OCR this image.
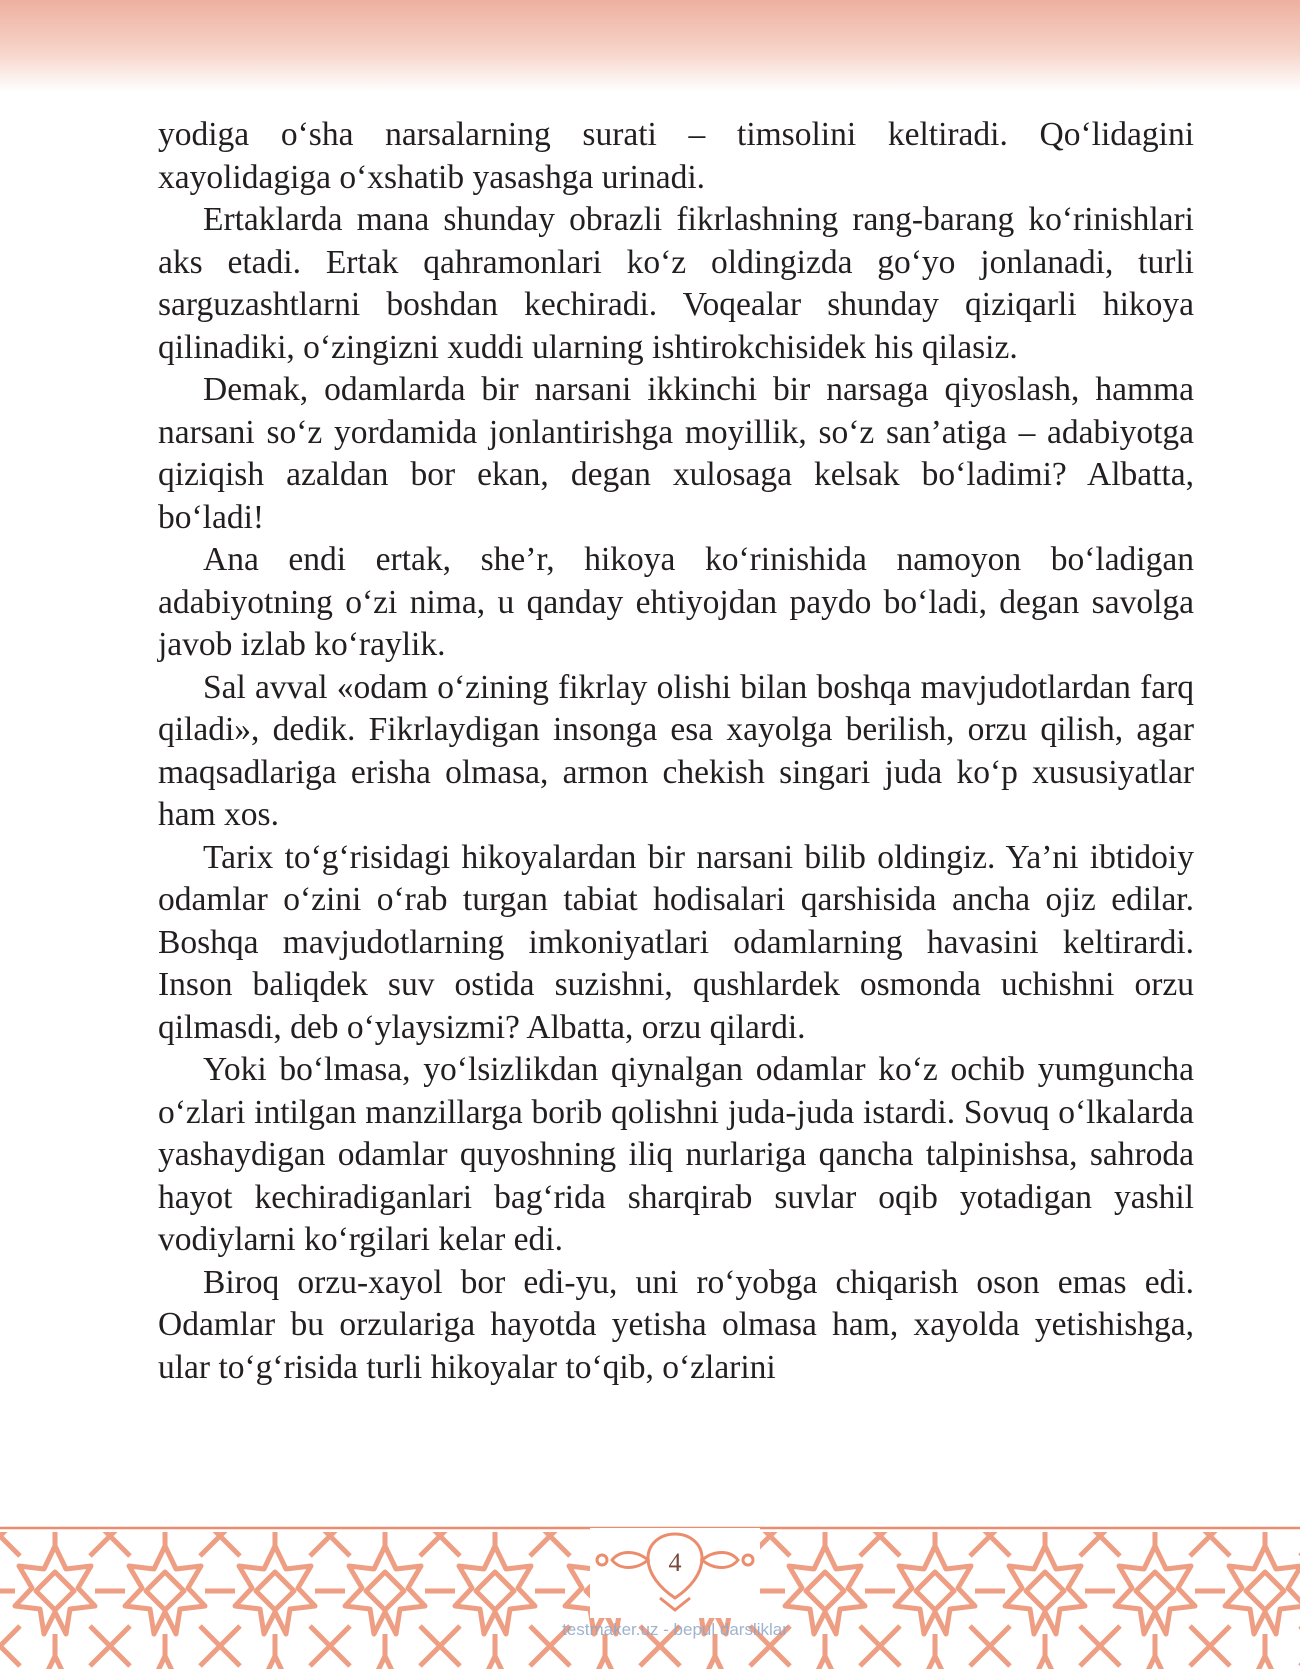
yodiga o‘sha narsalarning surati – timsolini keltiradi. Qo‘lidagini xayolidagiga o‘xshatib yasashga urinadi.

Ertaklarda mana shunday obrazli fikrlashning rang-barang ko‘rinishlari aks etadi. Ertak qahramonlari ko‘z oldingizda go‘yo jonlanadi, turli sarguzashtlarni boshdan kechiradi. Voqealar shunday qiziqarli hikoya qilinadiki, o‘zingizni xuddi ularning ishtirokchisidek his qilasiz.

Demak, odamlarda bir narsani ikkinchi bir narsaga qiyoslash, hamma narsani so‘z yordamida jonlantirishga moyillik, so‘z san’atiga – adabiyotga qiziqish azaldan bor ekan, degan xulosaga kelsak bo‘ladimi? Albatta, bo‘ladi!

Ana endi ertak, she’r, hikoya ko‘rinishida namoyon bo‘ladigan adabiyotning o‘zi nima, u qanday ehtiyojdan paydo bo‘ladi, degan savolga javob izlab ko‘raylik.

Sal avval «odam o‘zining fikrlay olishi bilan boshqa mavjudotlardan farq qiladi», dedik. Fikrlaydigan insonga esa xayolga berilish, orzu qilish, agar maqsadlariga erisha olmasa, armon chekish singari juda ko‘p xususiyatlar ham xos.

Tarix to‘g‘risidagi hikoyalardan bir narsani bilib oldingiz. Ya’ni ibtidoiy odamlar o‘zini o‘rab turgan tabiat hodisalari qarshisida ancha ojiz edilar. Boshqa mavjudotlarning imkoniyatlari odamlarning havasini keltirardi. Inson baliqdek suv ostida suzishni, qushlardek osmonda uchishni orzu qilmasdi, deb o‘ylaysizmi? Albatta, orzu qilardi.

Yoki bo‘lmasa, yo‘lsizlikdan qiynalgan odamlar ko‘z ochib yumguncha o‘zlari intilgan manzillarga borib qolishni juda-juda istardi. Sovuq o‘lkalarda yashaydigan odamlar quyoshning iliq nurlariga qancha talpinishsa, sahroda hayot kechiradiganlari bag‘rida sharqirab suvlar oqib yotadigan yashil vodiylarni ko‘rgilari kelar edi.

Biroq orzu-xayol bor edi-yu, uni ro‘yobga chiqarish oson emas edi. Odamlar bu orzulariga hayotda yetisha olmasa ham, xayolda yetishishga, ular to‘g‘risida turli hikoyalar to‘qib, o‘zlarini

4
testmaker.uz - bepul darsliklar
